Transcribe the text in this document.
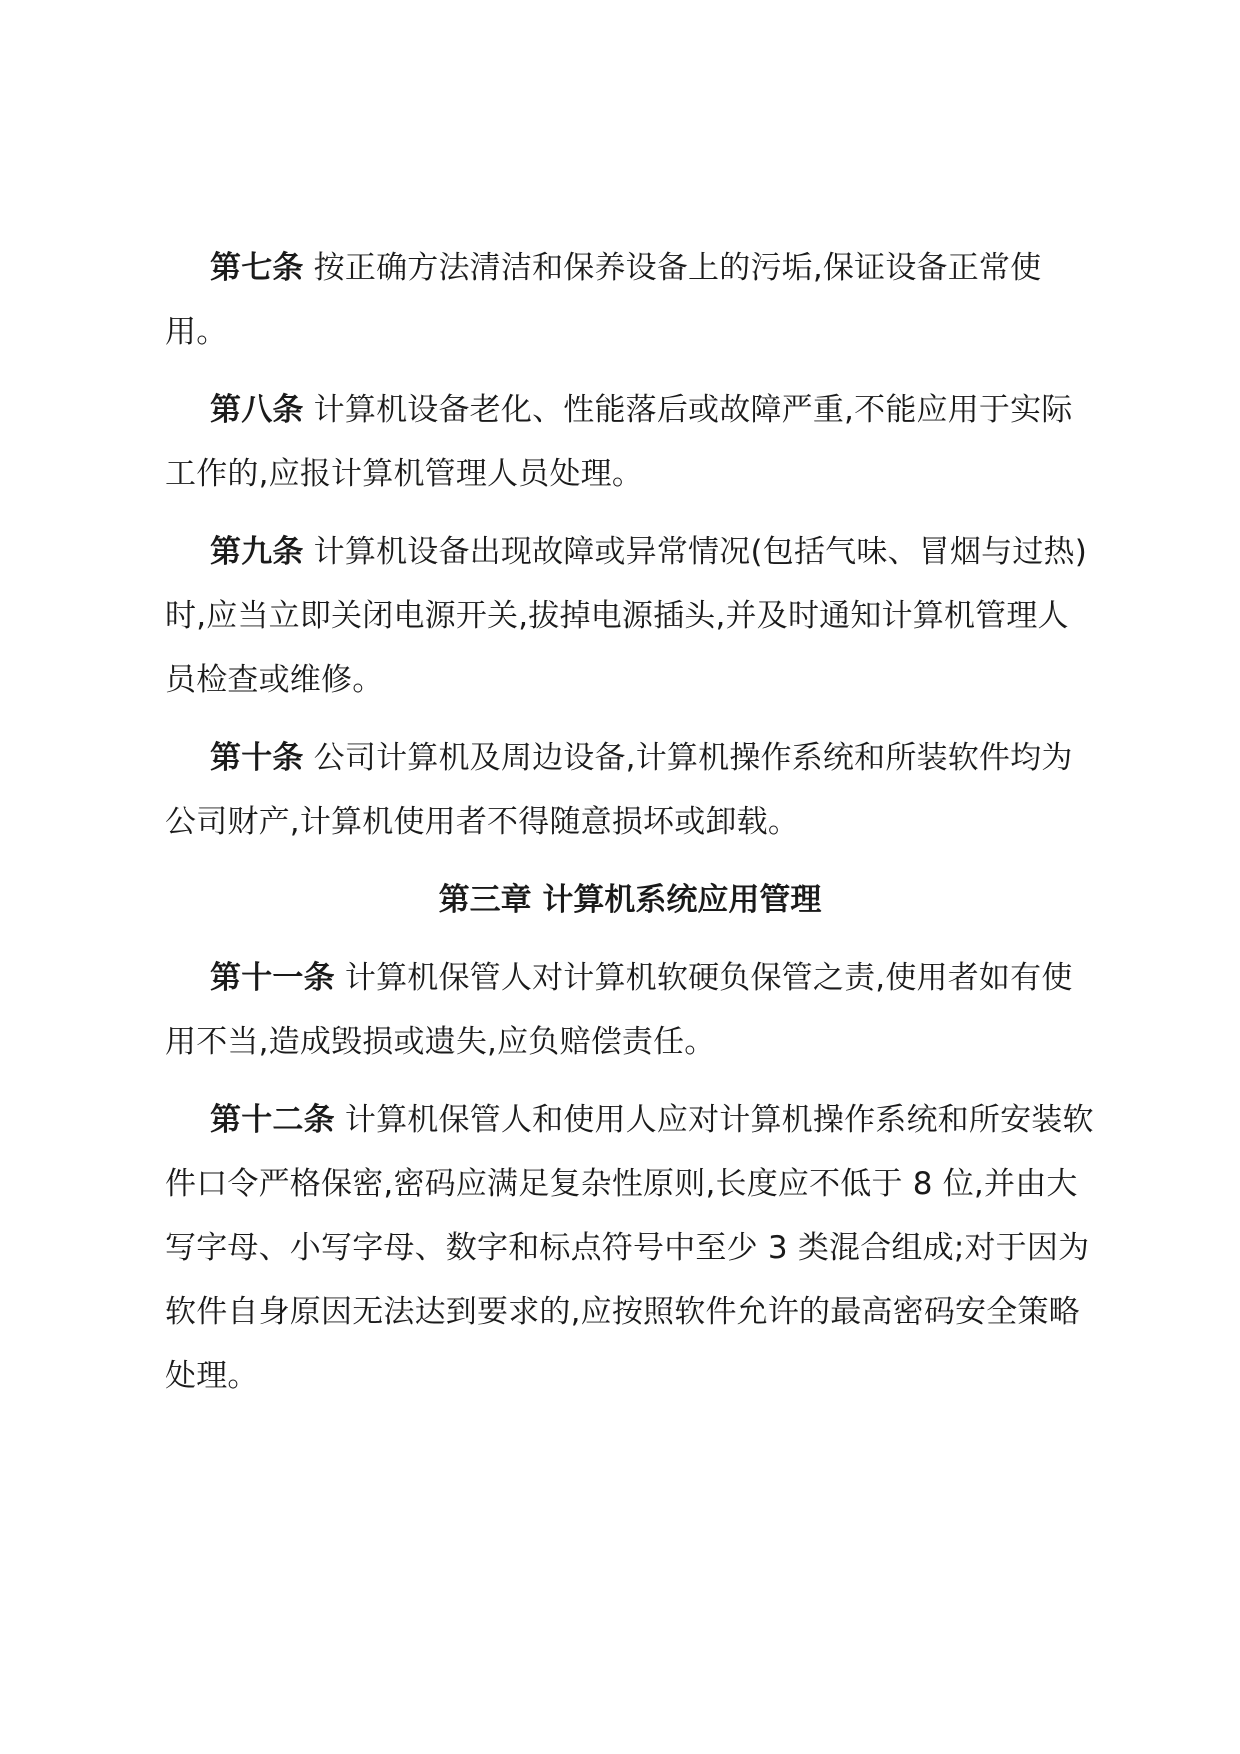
第七条 按正确方法清洁和保养设备上的污垢,保证设备正常使用。

第八条 计算机设备老化、性能落后或故障严重,不能应用于实际工作的,应报计算机管理人员处理。

第九条 计算机设备出现故障或异常情况(包括气味、冒烟与过热)时,应当立即关闭电源开关,拔掉电源插头,并及时通知计算机管理人员检查或维修。

第十条 公司计算机及周边设备,计算机操作系统和所装软件均为公司财产,计算机使用者不得随意损坏或卸载。

第三章 计算机系统应用管理

第十一条 计算机保管人对计算机软硬负保管之责,使用者如有使用不当,造成毁损或遗失,应负赔偿责任。

第十二条 计算机保管人和使用人应对计算机操作系统和所安装软件口令严格保密,密码应满足复杂性原则,长度应不低于 8 位,并由大写字母、小写字母、数字和标点符号中至少 3 类混合组成;对于因为软件自身原因无法达到要求的,应按照软件允许的最高密码安全策略处理。
